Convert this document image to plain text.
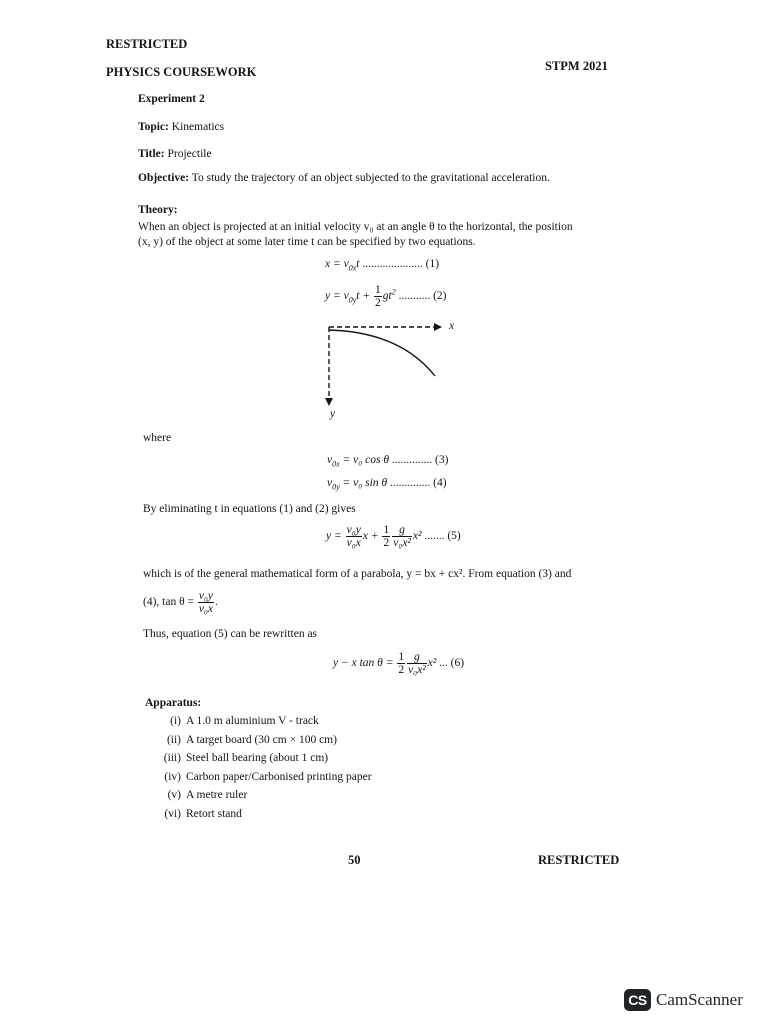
RESTRICTED
PHYSICS COURSEWORK	STPM 2021
Experiment 2
Topic: Kinematics
Title: Projectile
Objective: To study the trajectory of an object subjected to the gravitational acceleration.
Theory:
When an object is projected at an initial velocity v₀ at an angle θ to the horizontal, the position
(x, y) of the object at some later time t can be specified by two equations.
$x = v_{0x}t$ ..................... (1)
$y = v_{0y}t + \frac{1}{2} gt^2$ ........... (2)
x
y
where
$v_{0x} = v_0$ cos θ .............. (3)
$v_{0y} = v_0$ sin θ .............. (4)
By eliminating t in equations (1) and (2) gives
$y = \frac{\text{v₀y}}{\text{v₀x}}$ $x + \frac{1}{2} \frac{g}{\text{v₀x²}} x^2$ ....... (5)
which is of the general mathematical form of a parabola, y = bx + cx². From equation (3) and
(4), $\tan \theta = \frac{\text{v₀y}}{\text{v₀x}}$ .
Thus, equation (5) can be rewritten as
y − x $\tan \theta = \frac{1}{2} \frac{g}{\text{v₀x²}} x^2$ ... (6)
Apparatus:
(i) A 1.0 m aluminium V - track
(ii) A target board (30 cm × 100 cm)
(iii) Steel ball bearing (about 1 cm)
(iv) Carbon paper/Carbonised printing paper
(v) A metre ruler
(vi) Retort stand
50	RESTRICTED
CS CamScanner
